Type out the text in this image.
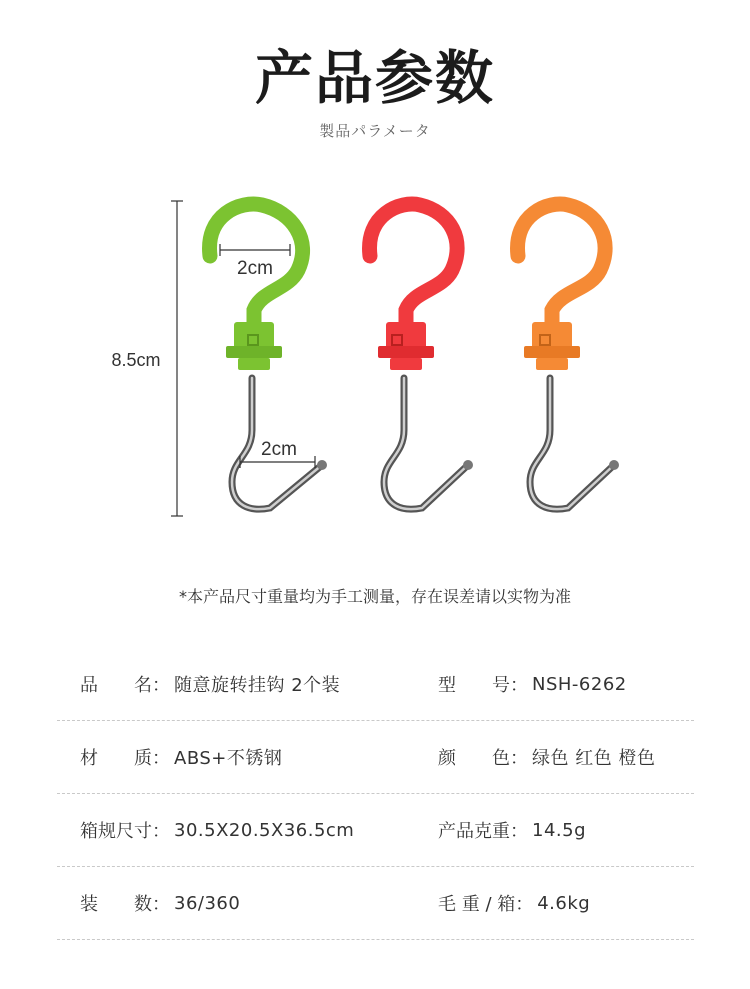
产品参数
製品パラメータ
8.5cm
2cm
2cm
*本产品尺寸重量均为手工测量，存在误差请以实物为准
品　　名： 随意旋转挂钩 2个装	型　　号： NSH-6262
材　　质： ABS+不锈钢	颜　　色： 绿色 红色 橙色
箱规尺寸： 30.5X20.5X36.5cm	产品克重： 14.5g
装　　数： 36/360	毛 重 / 箱： 4.6kg
